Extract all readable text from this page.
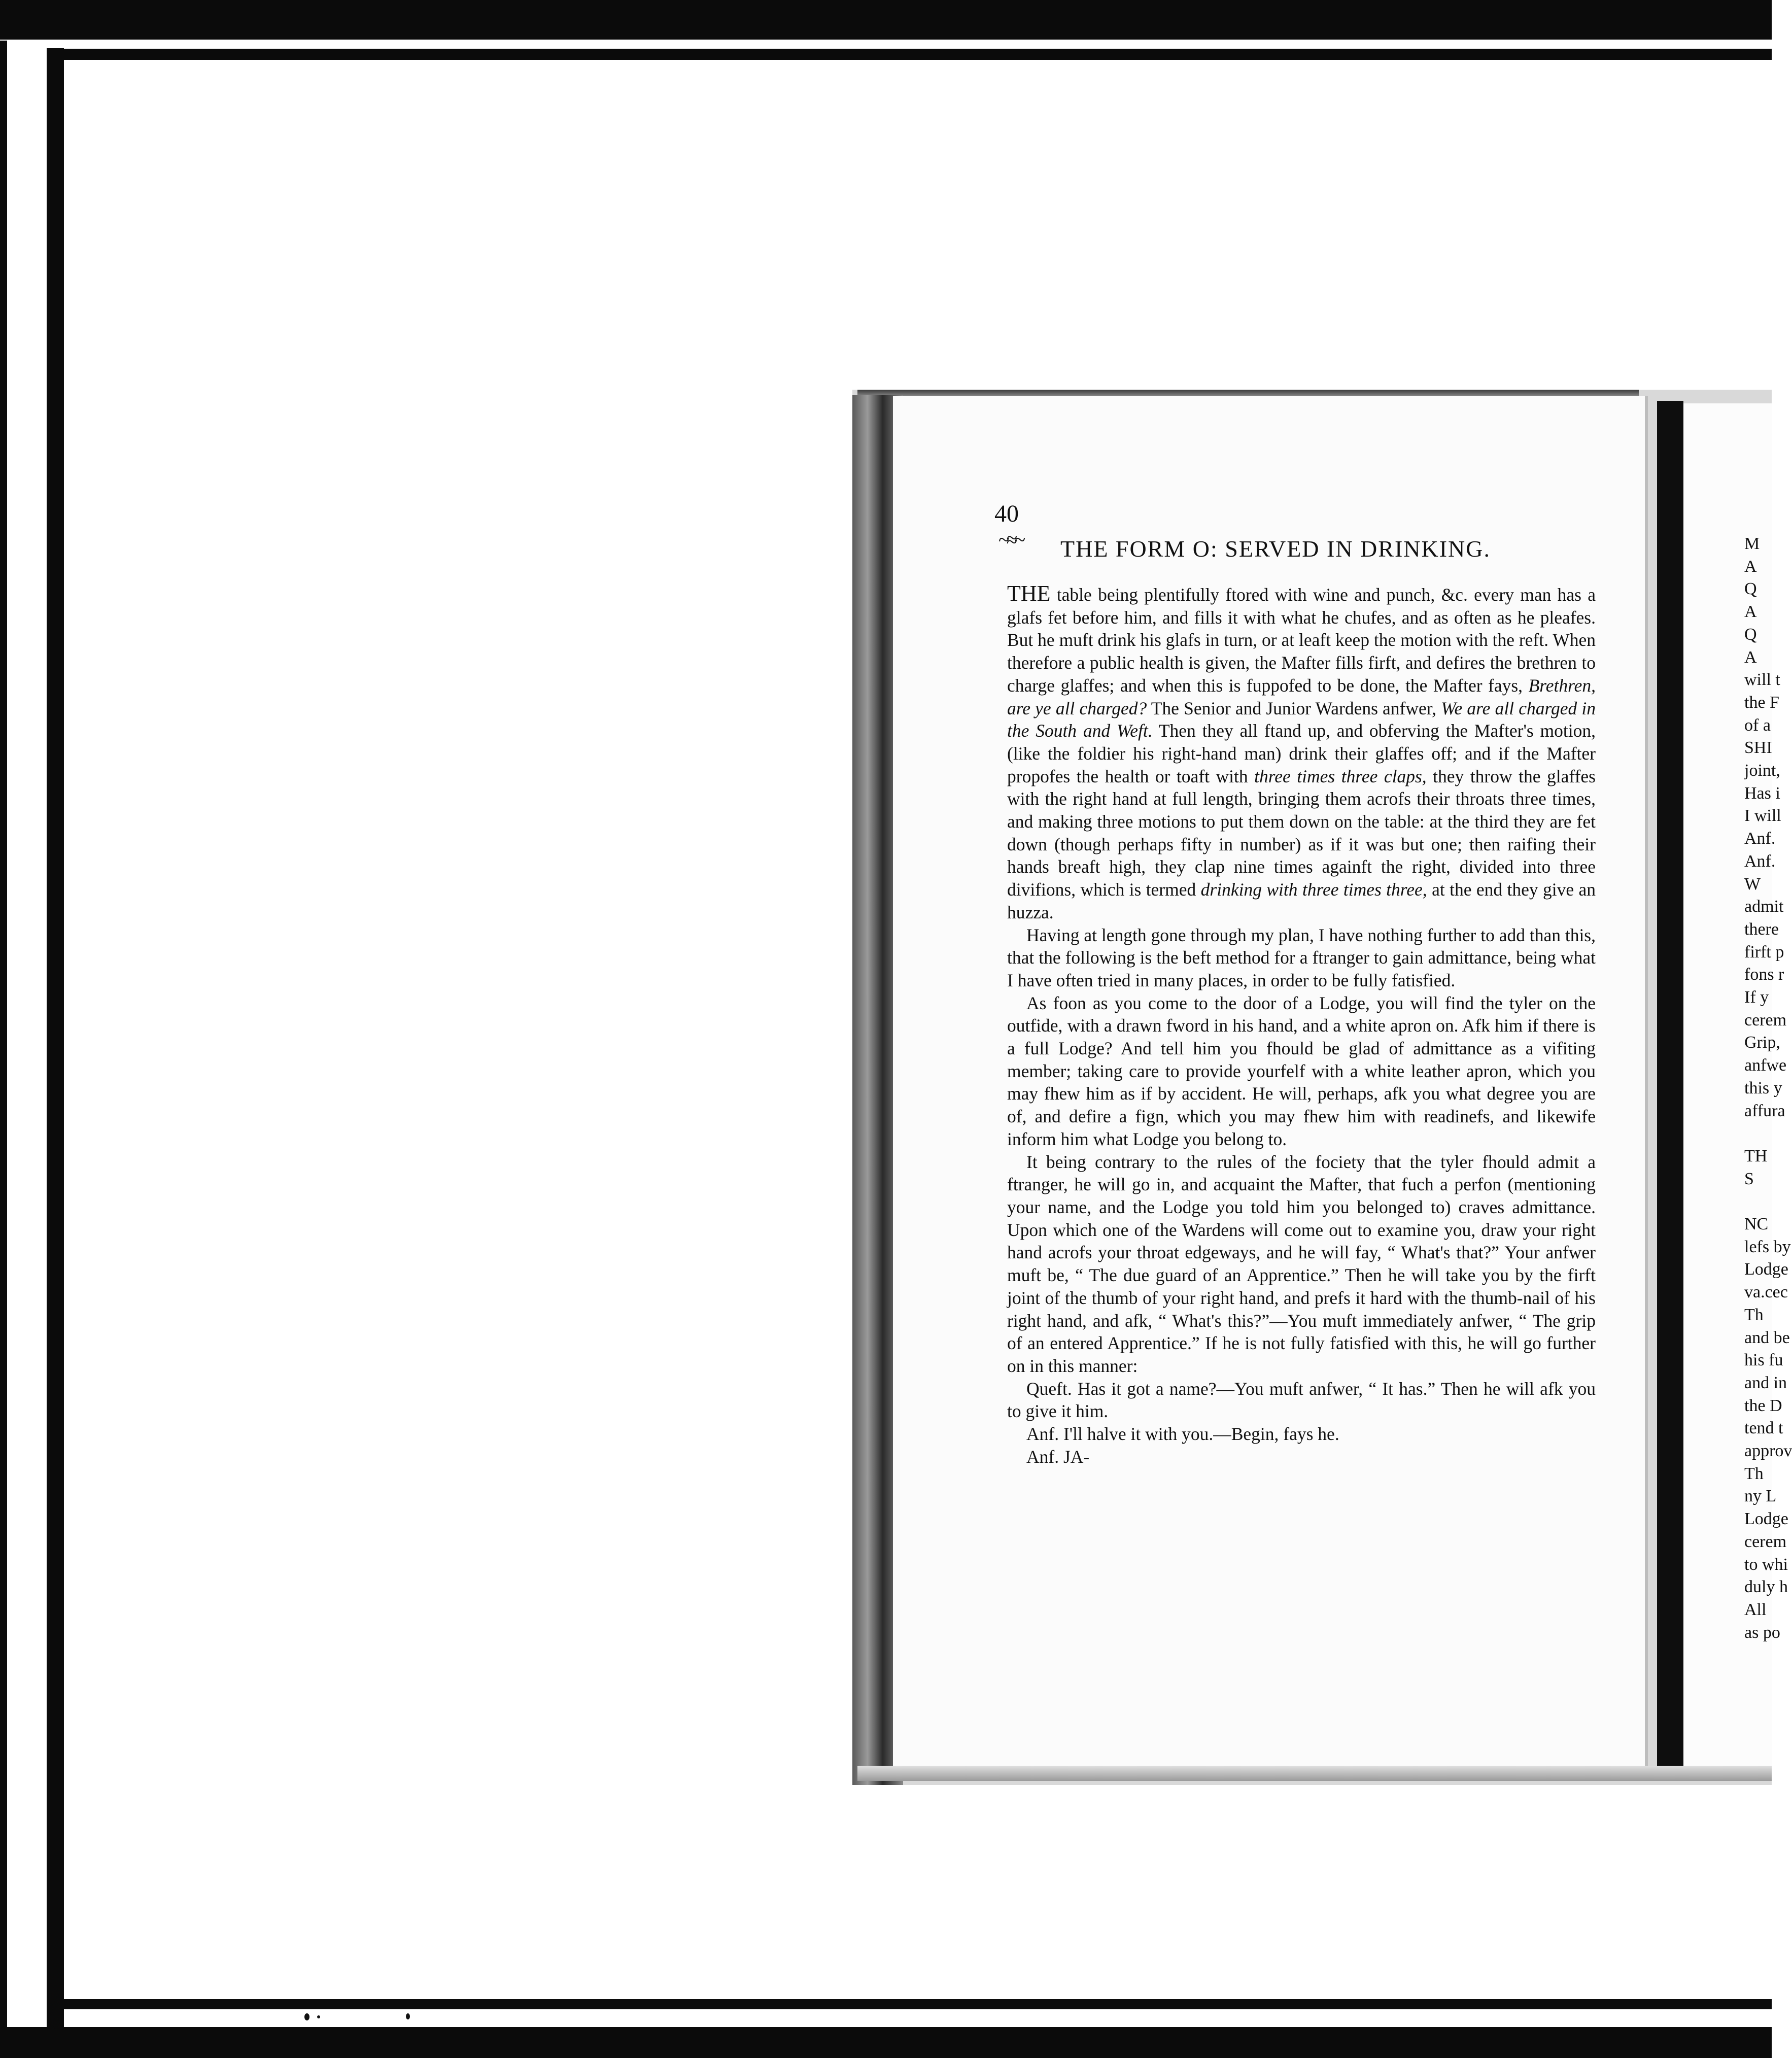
40
~≈~ THE FORM O: SERVED IN DRINKING.

THE table being plentifully ftored with wine and punch, &c. every man has a glafs fet before him, and fills it with what he chufes, and as often as he pleafes. But he muft drink his glafs in turn, or at leaft keep the motion with the reft. When therefore a public health is given, the Mafter fills firft, and defires the brethren to charge glaffes; and when this is fuppofed to be done, the Mafter fays, Brethren, are ye all charged? The Senior and Junior Wardens anfwer, We are all charged in the South and Weft. Then they all ftand up, and obferving the Mafter's motion, (like the foldier his right-hand man) drink their glaffes off; and if the Mafter propofes the health or toaft with three times three claps, they throw the glaffes with the right hand at full length, bringing them acrofs their throats three times, and making three motions to put them down on the table: at the third they are fet down (though perhaps fifty in number) as if it was but one; then raifing their hands breaft high, they clap nine times againft the right, divided into three divifions, which is termed drinking with three times three, at the end they give an huzza.

Having at length gone through my plan, I have nothing further to add than this, that the following is the beft method for a ftranger to gain admittance, being what I have often tried in many places, in order to be fully fatisfied.

As foon as you come to the door of a Lodge, you will find the tyler on the outfide, with a drawn fword in his hand, and a white apron on. Afk him if there is a full Lodge? And tell him you fhould be glad of admittance as a vifiting member; taking care to provide yourfelf with a white leather apron, which you may fhew him as if by accident. He will, perhaps, afk you what degree you are of, and defire a fign, which you may fhew him with readinefs, and likewife inform him what Lodge you belong to.

It being contrary to the rules of the fociety that the tyler fhould admit a ftranger, he will go in, and acquaint the Mafter, that fuch a perfon (mentioning your name, and the Lodge you told him you belonged to) craves admittance. Upon which one of the Wardens will come out to examine you, draw your right hand acrofs your throat edgeways, and he will fay, “ What's that?” Your anfwer muft be, “ The due guard of an Apprentice.” Then he will take you by the firft joint of the thumb of your right hand, and prefs it hard with the thumb-nail of his right hand, and afk, “ What's this?”—You muft immediately anfwer, “ The grip of an entered Apprentice.” If he is not fully fatisfied with this, he will go further on in this manner:

Queft. Has it got a name?—You muft anfwer, “ It has.” Then he will afk you to give it him.

Anf. I'll halve it with you.—Begin, fays he.

Anf. JA-

M
A
Q
A
Q
A
will t
the F
of a
SHI
joint,
Has i
I will
Anf.
Anf.
W
admit
there
firft p
fons r
If y
cerem
Grip,
anfwe
this y
affura
TH
S
NC
lefs by
Lodge
va.cec
Th
and be
his fu
and in
the D
tend t
approv
Th
ny L
Lodge
cerem
to whi
duly h
All
as po
